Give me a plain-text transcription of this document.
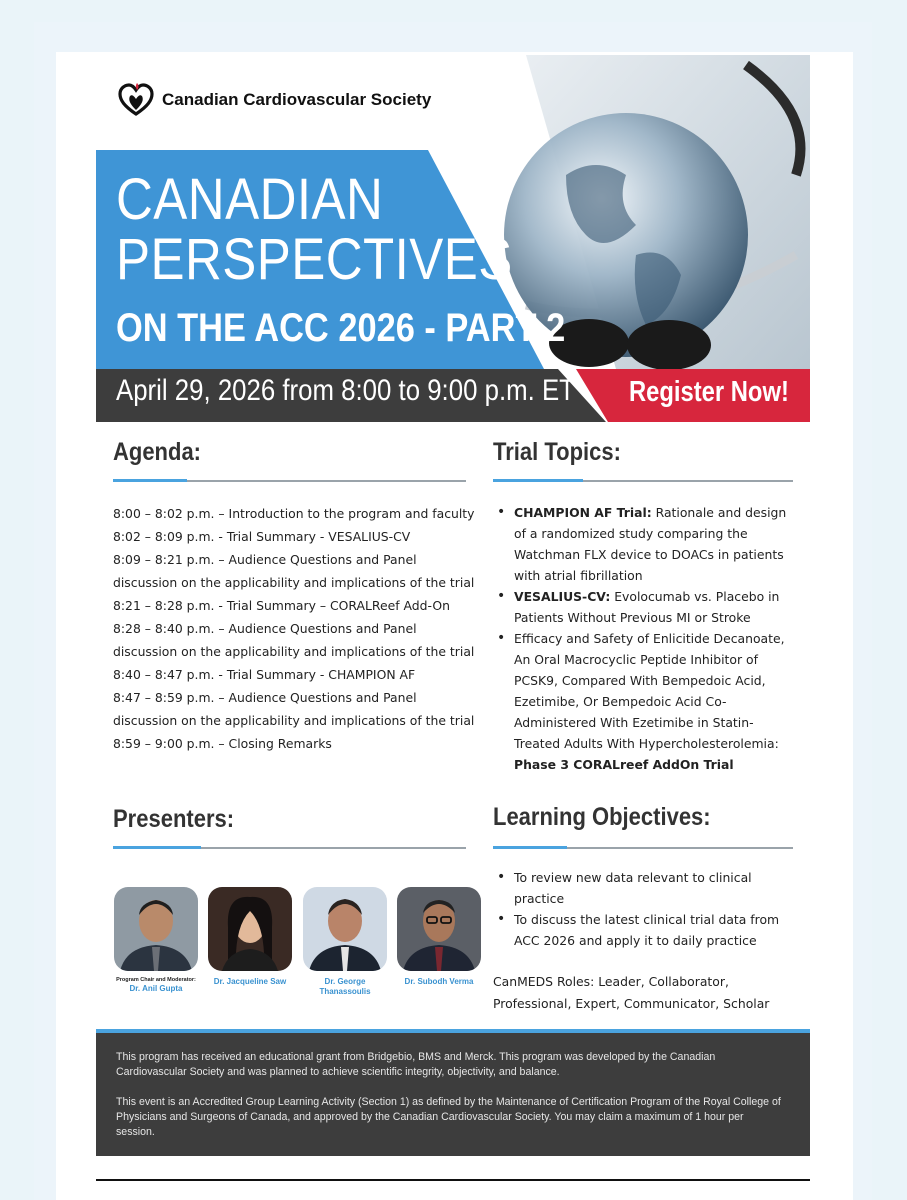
Canadian Cardiovascular Society
CANADIAN
PERSPECTIVES
ON THE ACC 2026 - PART 2
April 29, 2026 from 8:00 to 9:00 p.m. ET Register Now!
Agenda:
8:00 – 8:02 p.m. – Introduction to the program and faculty
8:02 – 8:09 p.m. - Trial Summary - VESALIUS-CV
8:09 – 8:21 p.m. – Audience Questions and Panel
discussion on the applicability and implications of the trial
8:21 – 8:28 p.m. - Trial Summary – CORALReef Add-On
8:28 – 8:40 p.m. – Audience Questions and Panel
discussion on the applicability and implications of the trial
8:40 – 8:47 p.m. - Trial Summary - CHAMPION AF
8:47 – 8:59 p.m. – Audience Questions and Panel
discussion on the applicability and implications of the trial
8:59 – 9:00 p.m. – Closing Remarks
Trial Topics:
• CHAMPION AF Trial: Rationale and design of a randomized study comparing the Watchman FLX device to DOACs in patients with atrial fibrillation
• VESALIUS-CV: Evolocumab vs. Placebo in Patients Without Previous MI or Stroke
• Efficacy and Safety of Enlicitide Decanoate, An Oral Macrocyclic Peptide Inhibitor of PCSK9, Compared With Bempedoic Acid, Ezetimibe, Or Bempedoic Acid Co-Administered With Ezetimibe in Statin-Treated Adults With Hypercholesterolemia: Phase 3 CORALreef AddOn Trial
Presenters:
Program Chair and Moderator:
Dr. Anil Gupta
Dr. Jacqueline Saw	Dr. George Thanassoulis
Dr. Subodh Verma
Learning Objectives:
• To review new data relevant to clinical practice
• To discuss the latest clinical trial data from ACC 2026 and apply it to daily practice
CanMEDS Roles: Leader, Collaborator, Professional, Expert, Communicator, Scholar
This program has received an educational grant from Bridgebio, BMS and Merck. This program was developed by the Canadian Cardiovascular Society and was planned to achieve scientific integrity, objectivity, and balance.
This event is an Accredited Group Learning Activity (Section 1) as defined by the Maintenance of Certification Program of the Royal College of Physicians and Surgeons of Canada, and approved by the Canadian Cardiovascular Society. You may claim a maximum of 1 hour per session.
